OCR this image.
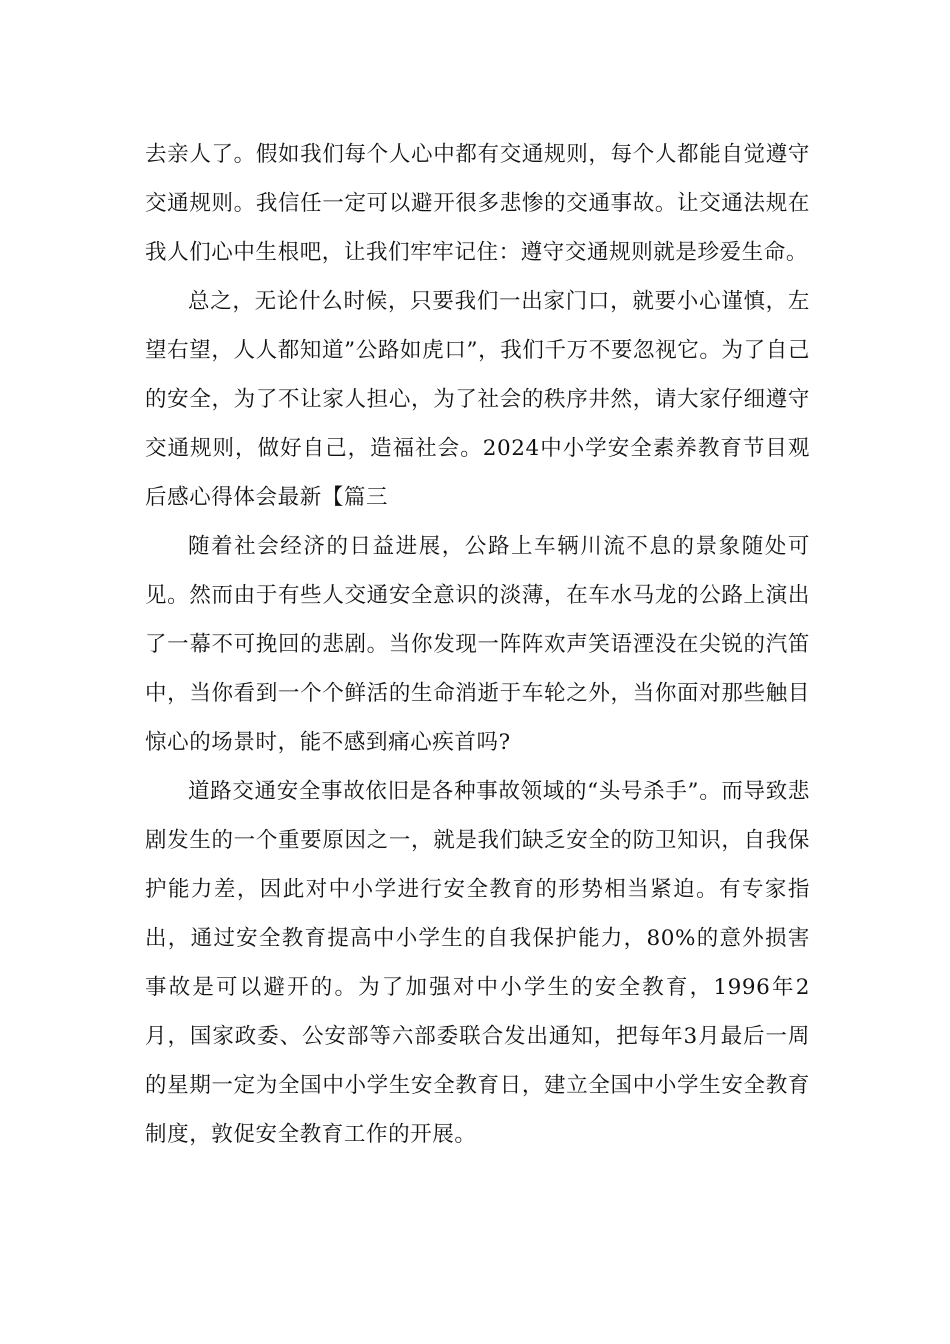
去亲人了。假如我们每个人心中都有交通规则，每个人都能自觉遵守交通规则。我信任一定可以避开很多悲惨的交通事故。让交通法规在我人们心中生根吧，让我们牢牢记住：遵守交通规则就是珍爱生命。

总之，无论什么时候，只要我们一出家门口，就要小心谨慎，左望右望，人人都知道”公路如虎口”，我们千万不要忽视它。为了自己的安全，为了不让家人担心，为了社会的秩序井然，请大家仔细遵守交通规则，做好自己，造福社会。2024中小学安全素养教育节目观后感心得体会最新【篇三

随着社会经济的日益进展，公路上车辆川流不息的景象随处可见。然而由于有些人交通安全意识的淡薄，在车水马龙的公路上演出了一幕不可挽回的悲剧。当你发现一阵阵欢声笑语湮没在尖锐的汽笛中，当你看到一个个鲜活的生命消逝于车轮之外，当你面对那些触目惊心的场景时，能不感到痛心疾首吗?

道路交通安全事故依旧是各种事故领域的“头号杀手”。而导致悲剧发生的一个重要原因之一，就是我们缺乏安全的防卫知识，自我保护能力差，因此对中小学进行安全教育的形势相当紧迫。有专家指出，通过安全教育提高中小学生的自我保护能力，80%的意外损害事故是可以避开的。为了加强对中小学生的安全教育，1996年2月，国家政委、公安部等六部委联合发出通知，把每年3月最后一周的星期一定为全国中小学生安全教育日，建立全国中小学生安全教育制度，敦促安全教育工作的开展。
